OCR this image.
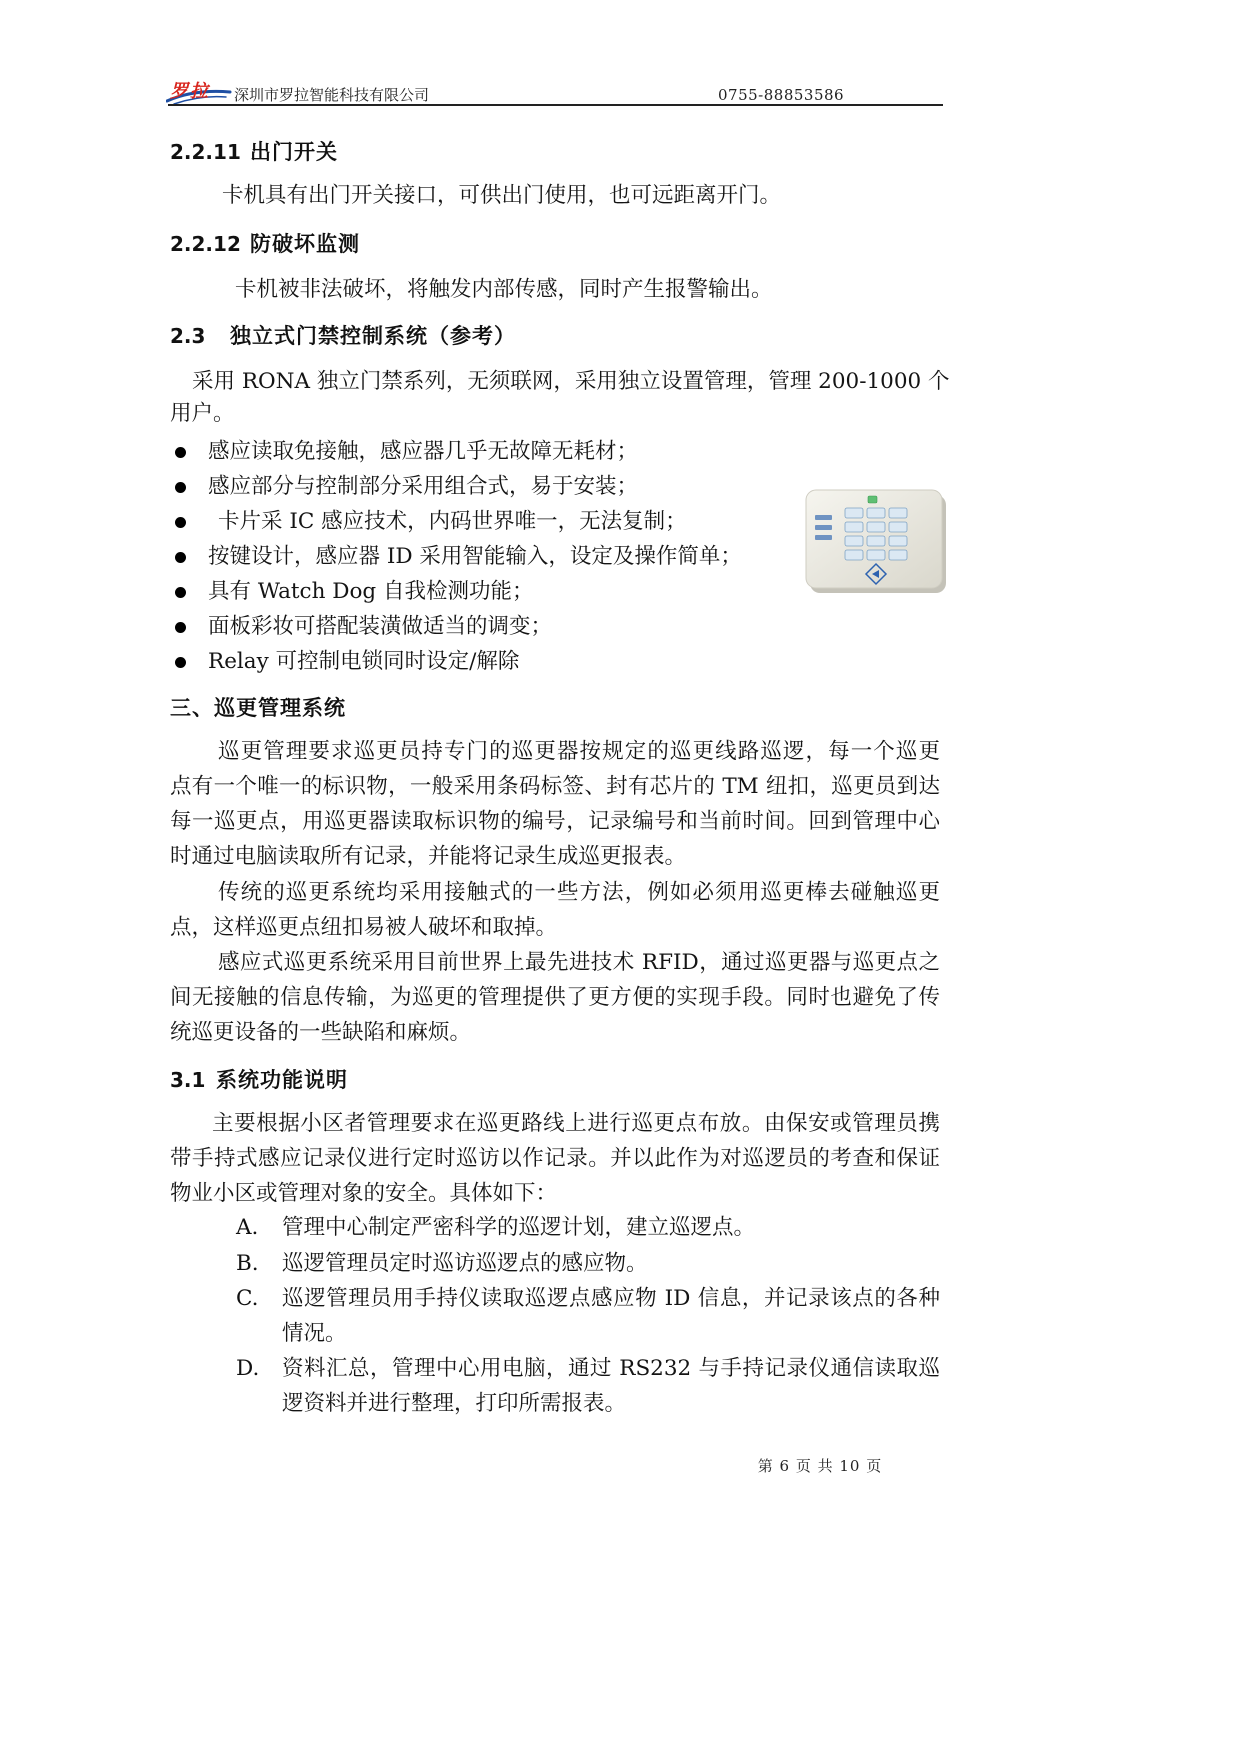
罗拉 深圳市罗拉智能科技有限公司	0755-88853586
2.2.11 出门开关
卡机具有出门开关接口，可供出门使用，也可远距离开门。
2.2.12 防破坏监测
卡机被非法破坏，将触发内部传感，同时产生报警输出。
2.3 独立式门禁控制系统（参考）
采用 RONA 独立门禁系列，无须联网，采用独立设置管理，管理 200-1000 个
用户。
感应读取免接触，感应器几乎无故障无耗材；
感应部分与控制部分采用组合式，易于安装；
卡片采 IC 感应技术，内码世界唯一，无法复制；
按键设计，感应器 ID 采用智能输入，设定及操作简单；
具有 Watch Dog 自我检测功能；
面板彩妆可搭配装潢做适当的调变；
Relay 可控制电锁同时设定/解除
三、巡更管理系统
巡更管理要求巡更员持专门的巡更器按规定的巡更线路巡逻，每一个巡更
点有一个唯一的标识物，一般采用条码标签、封有芯片的 TM 纽扣，巡更员到达
每一巡更点，用巡更器读取标识物的编号，记录编号和当前时间。回到管理中心
时通过电脑读取所有记录，并能将记录生成巡更报表。
传统的巡更系统均采用接触式的一些方法，例如必须用巡更棒去碰触巡更
点，这样巡更点纽扣易被人破坏和取掉。
感应式巡更系统采用目前世界上最先进技术 RFID，通过巡更器与巡更点之
间无接触的信息传输，为巡更的管理提供了更方便的实现手段。同时也避免了传
统巡更设备的一些缺陷和麻烦。
3.1 系统功能说明
主要根据小区者管理要求在巡更路线上进行巡更点布放。由保安或管理员携
带手持式感应记录仪进行定时巡访以作记录。并以此作为对巡逻员的考查和保证
物业小区或管理对象的安全。具体如下：
A. 管理中心制定严密科学的巡逻计划，建立巡逻点。
B. 巡逻管理员定时巡访巡逻点的感应物。
C. 巡逻管理员用手持仪读取巡逻点感应物 ID 信息，并记录该点的各种
情况。
D. 资料汇总，管理中心用电脑，通过 RS232 与手持记录仪通信读取巡
逻资料并进行整理，打印所需报表。
第 6 页 共 10 页
